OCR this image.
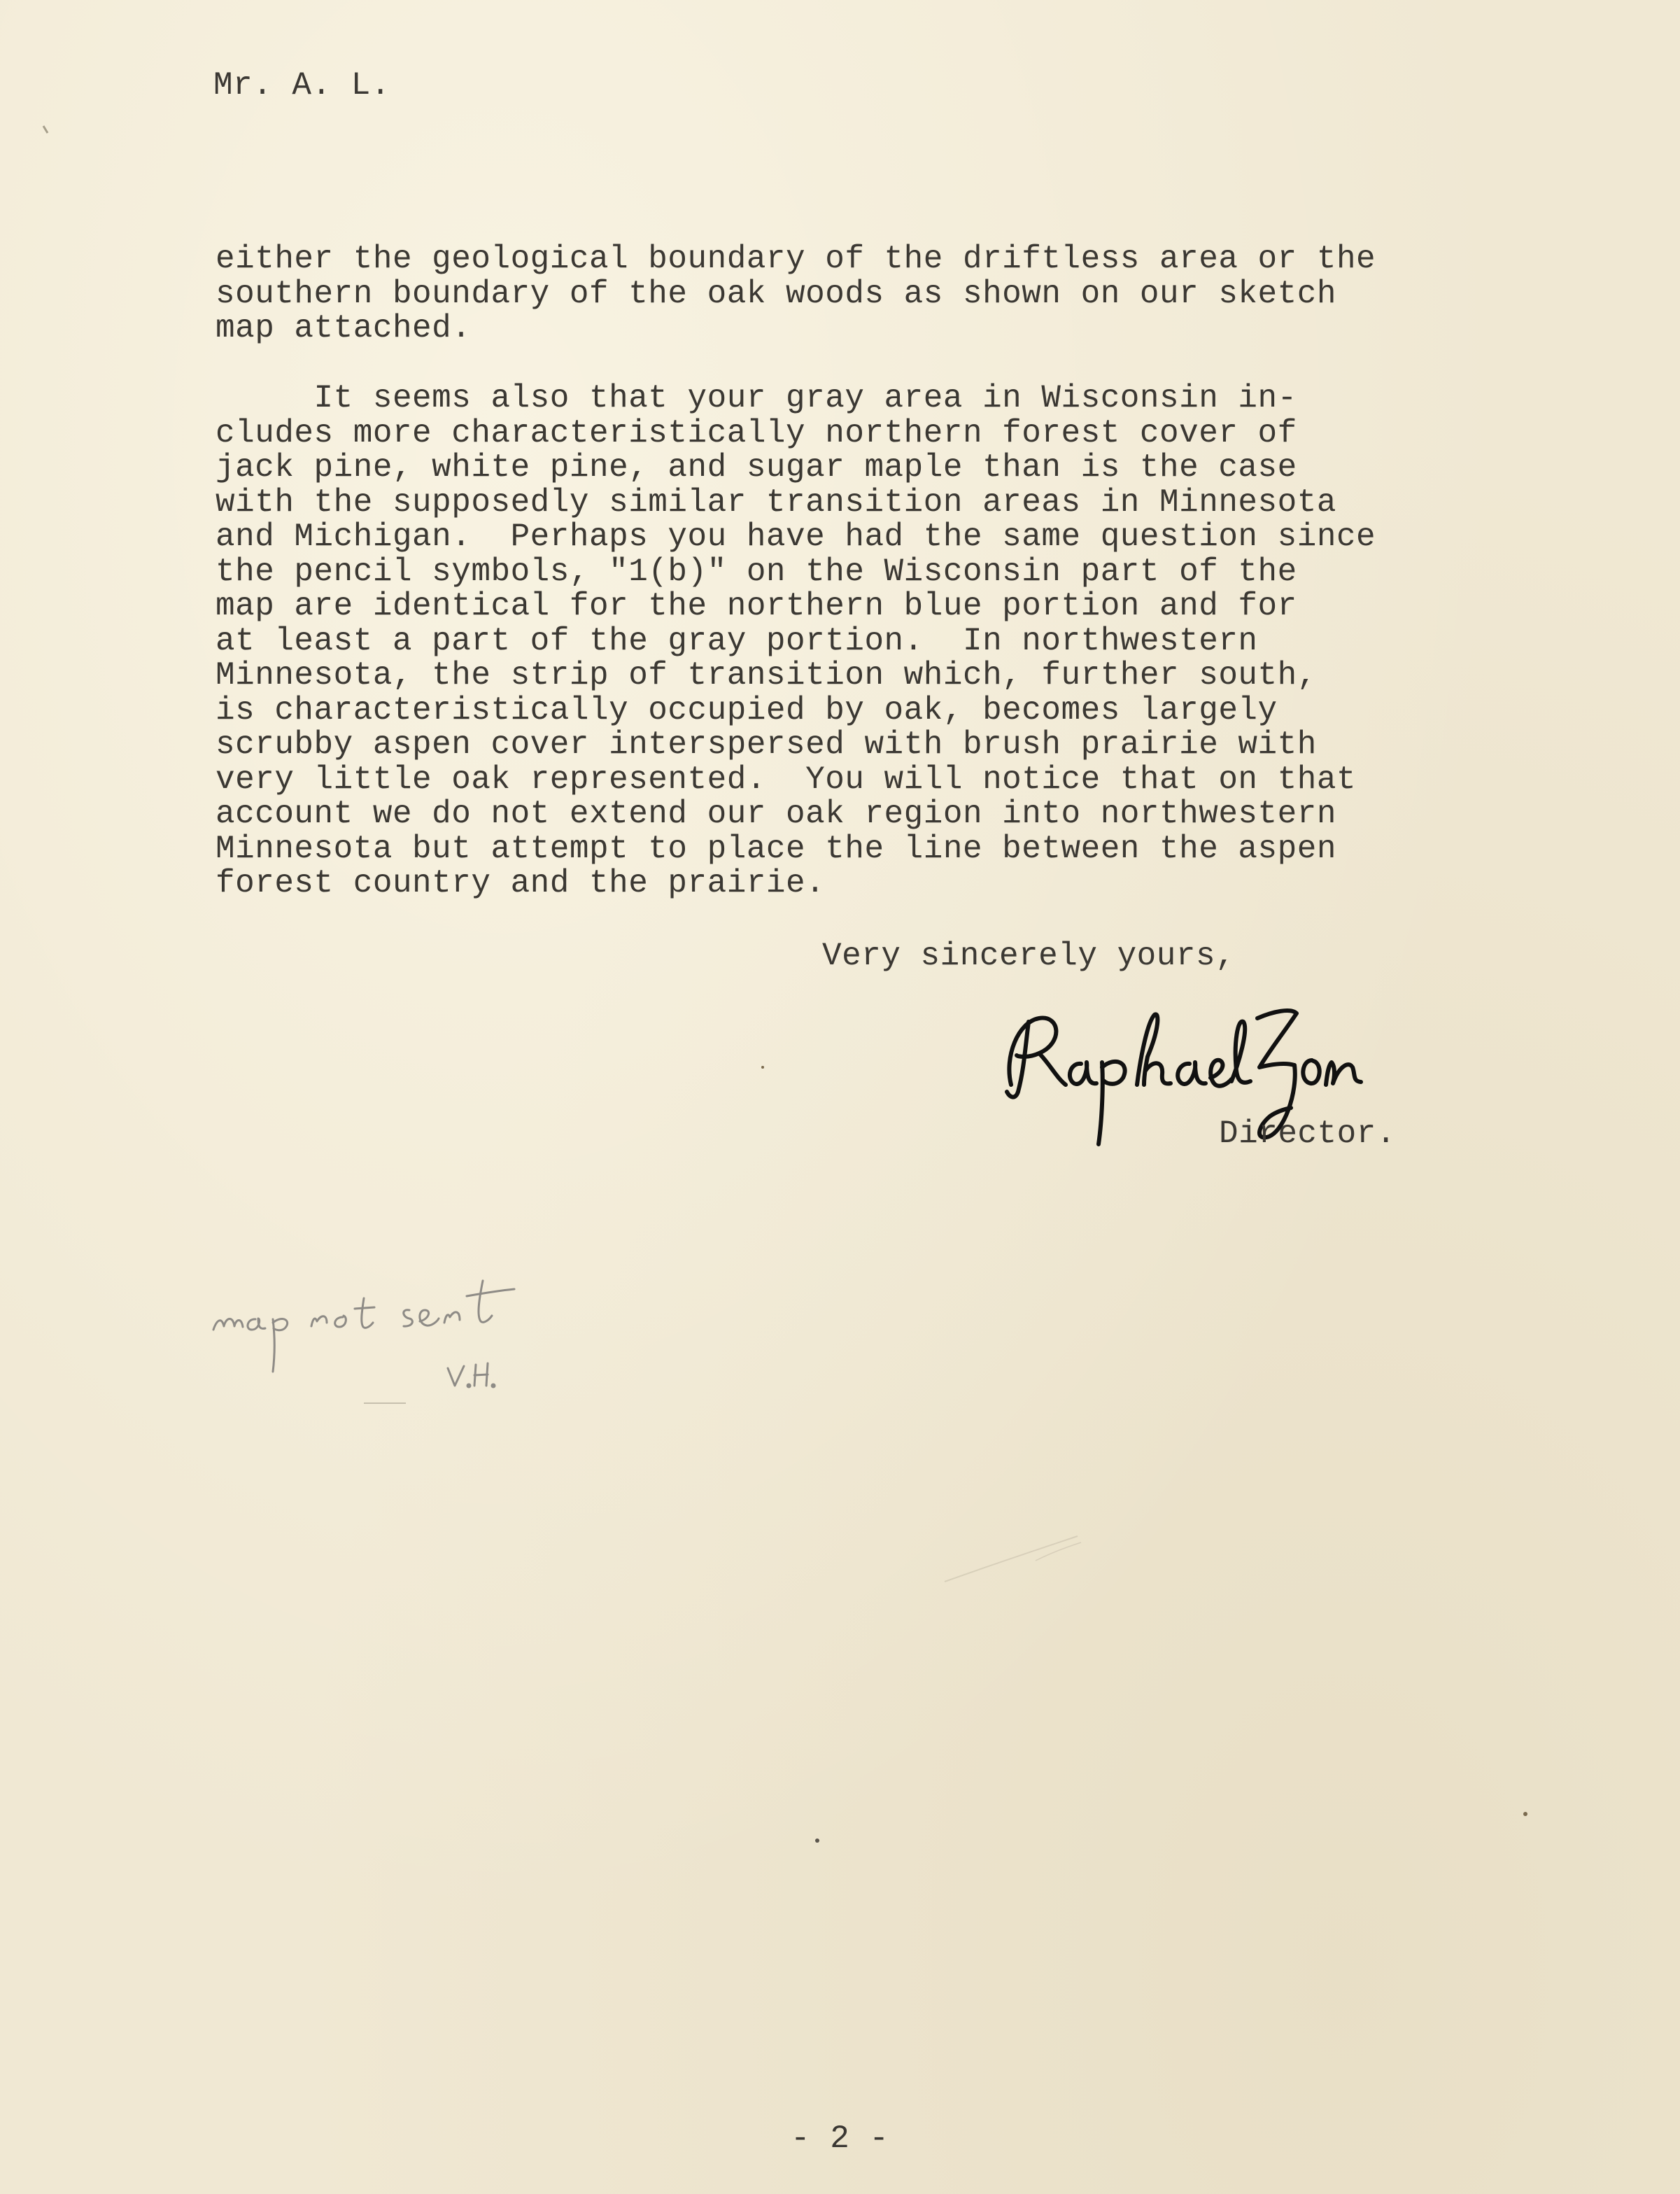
Mr. A. L.
either the geological boundary of the driftless area or the
southern boundary of the oak woods as shown on our sketch
map attached.
It seems also that your gray area in Wisconsin in-
cludes more characteristically northern forest cover of
jack pine, white pine, and sugar maple than is the case
with the supposedly similar transition areas in Minnesota
and Michigan.  Perhaps you have had the same question since
the pencil symbols, "1(b)" on the Wisconsin part of the
map are identical for the northern blue portion and for
at least a part of the gray portion.  In northwestern
Minnesota, the strip of transition which, further south,
is characteristically occupied by oak, becomes largely
scrubby aspen cover interspersed with brush prairie with
very little oak represented.  You will notice that on that
account we do not extend our oak region into northwestern
Minnesota but attempt to place the line between the aspen
forest country and the prairie.
Very sincerely yours,
Director.
- 2 -
